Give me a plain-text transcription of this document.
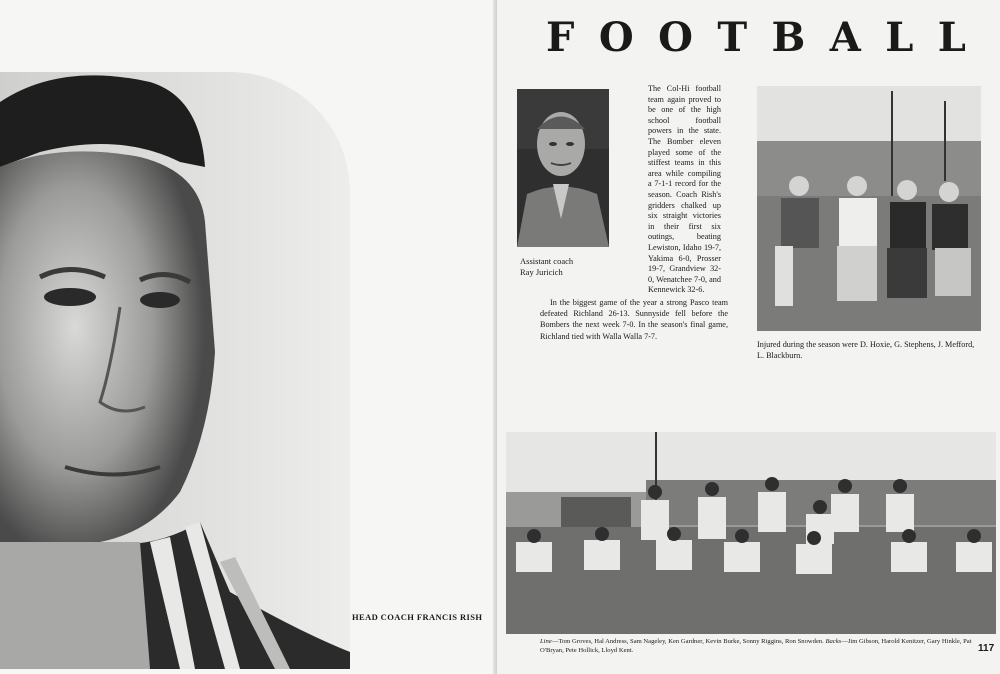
HEAD COACH FRANCIS RISH
F O O T B A L L
Assistant coach
Ray Juricich
The Col-Hi football team again proved to be one of the high school football powers in the state. The Bomber eleven played some of the stiffest teams in this area while compiling a 7-1-1 record for the season. Coach Rish's gridders chalked up six straight victories in their first six outings, beating Lewiston, Idaho 19-7, Yakima 6-0, Prosser 19-7, Grandview 32-0, Wenatchee 7-0, and Kennewick 32-6.
In the biggest game of the year a strong Pasco team defeated Richland 26-13. Sunnyside fell before the Bombers the next week 7-0. In the season's final game, Richland tied with Walla Walla 7-7.
Injured during the season were D. Hoxie, G. Stephens, J. Mefford, L. Blackburn.
Line—Tom Groves, Hal Andress, Sam Nageley, Ken Gardner, Kevin Burke, Sonny Riggins, Ron Snowden. Backs—Jim Gibson, Harold Kenitzer, Gary Hinkle, Pat O'Bryan, Pete Hollick, Lloyd Kent.	117
